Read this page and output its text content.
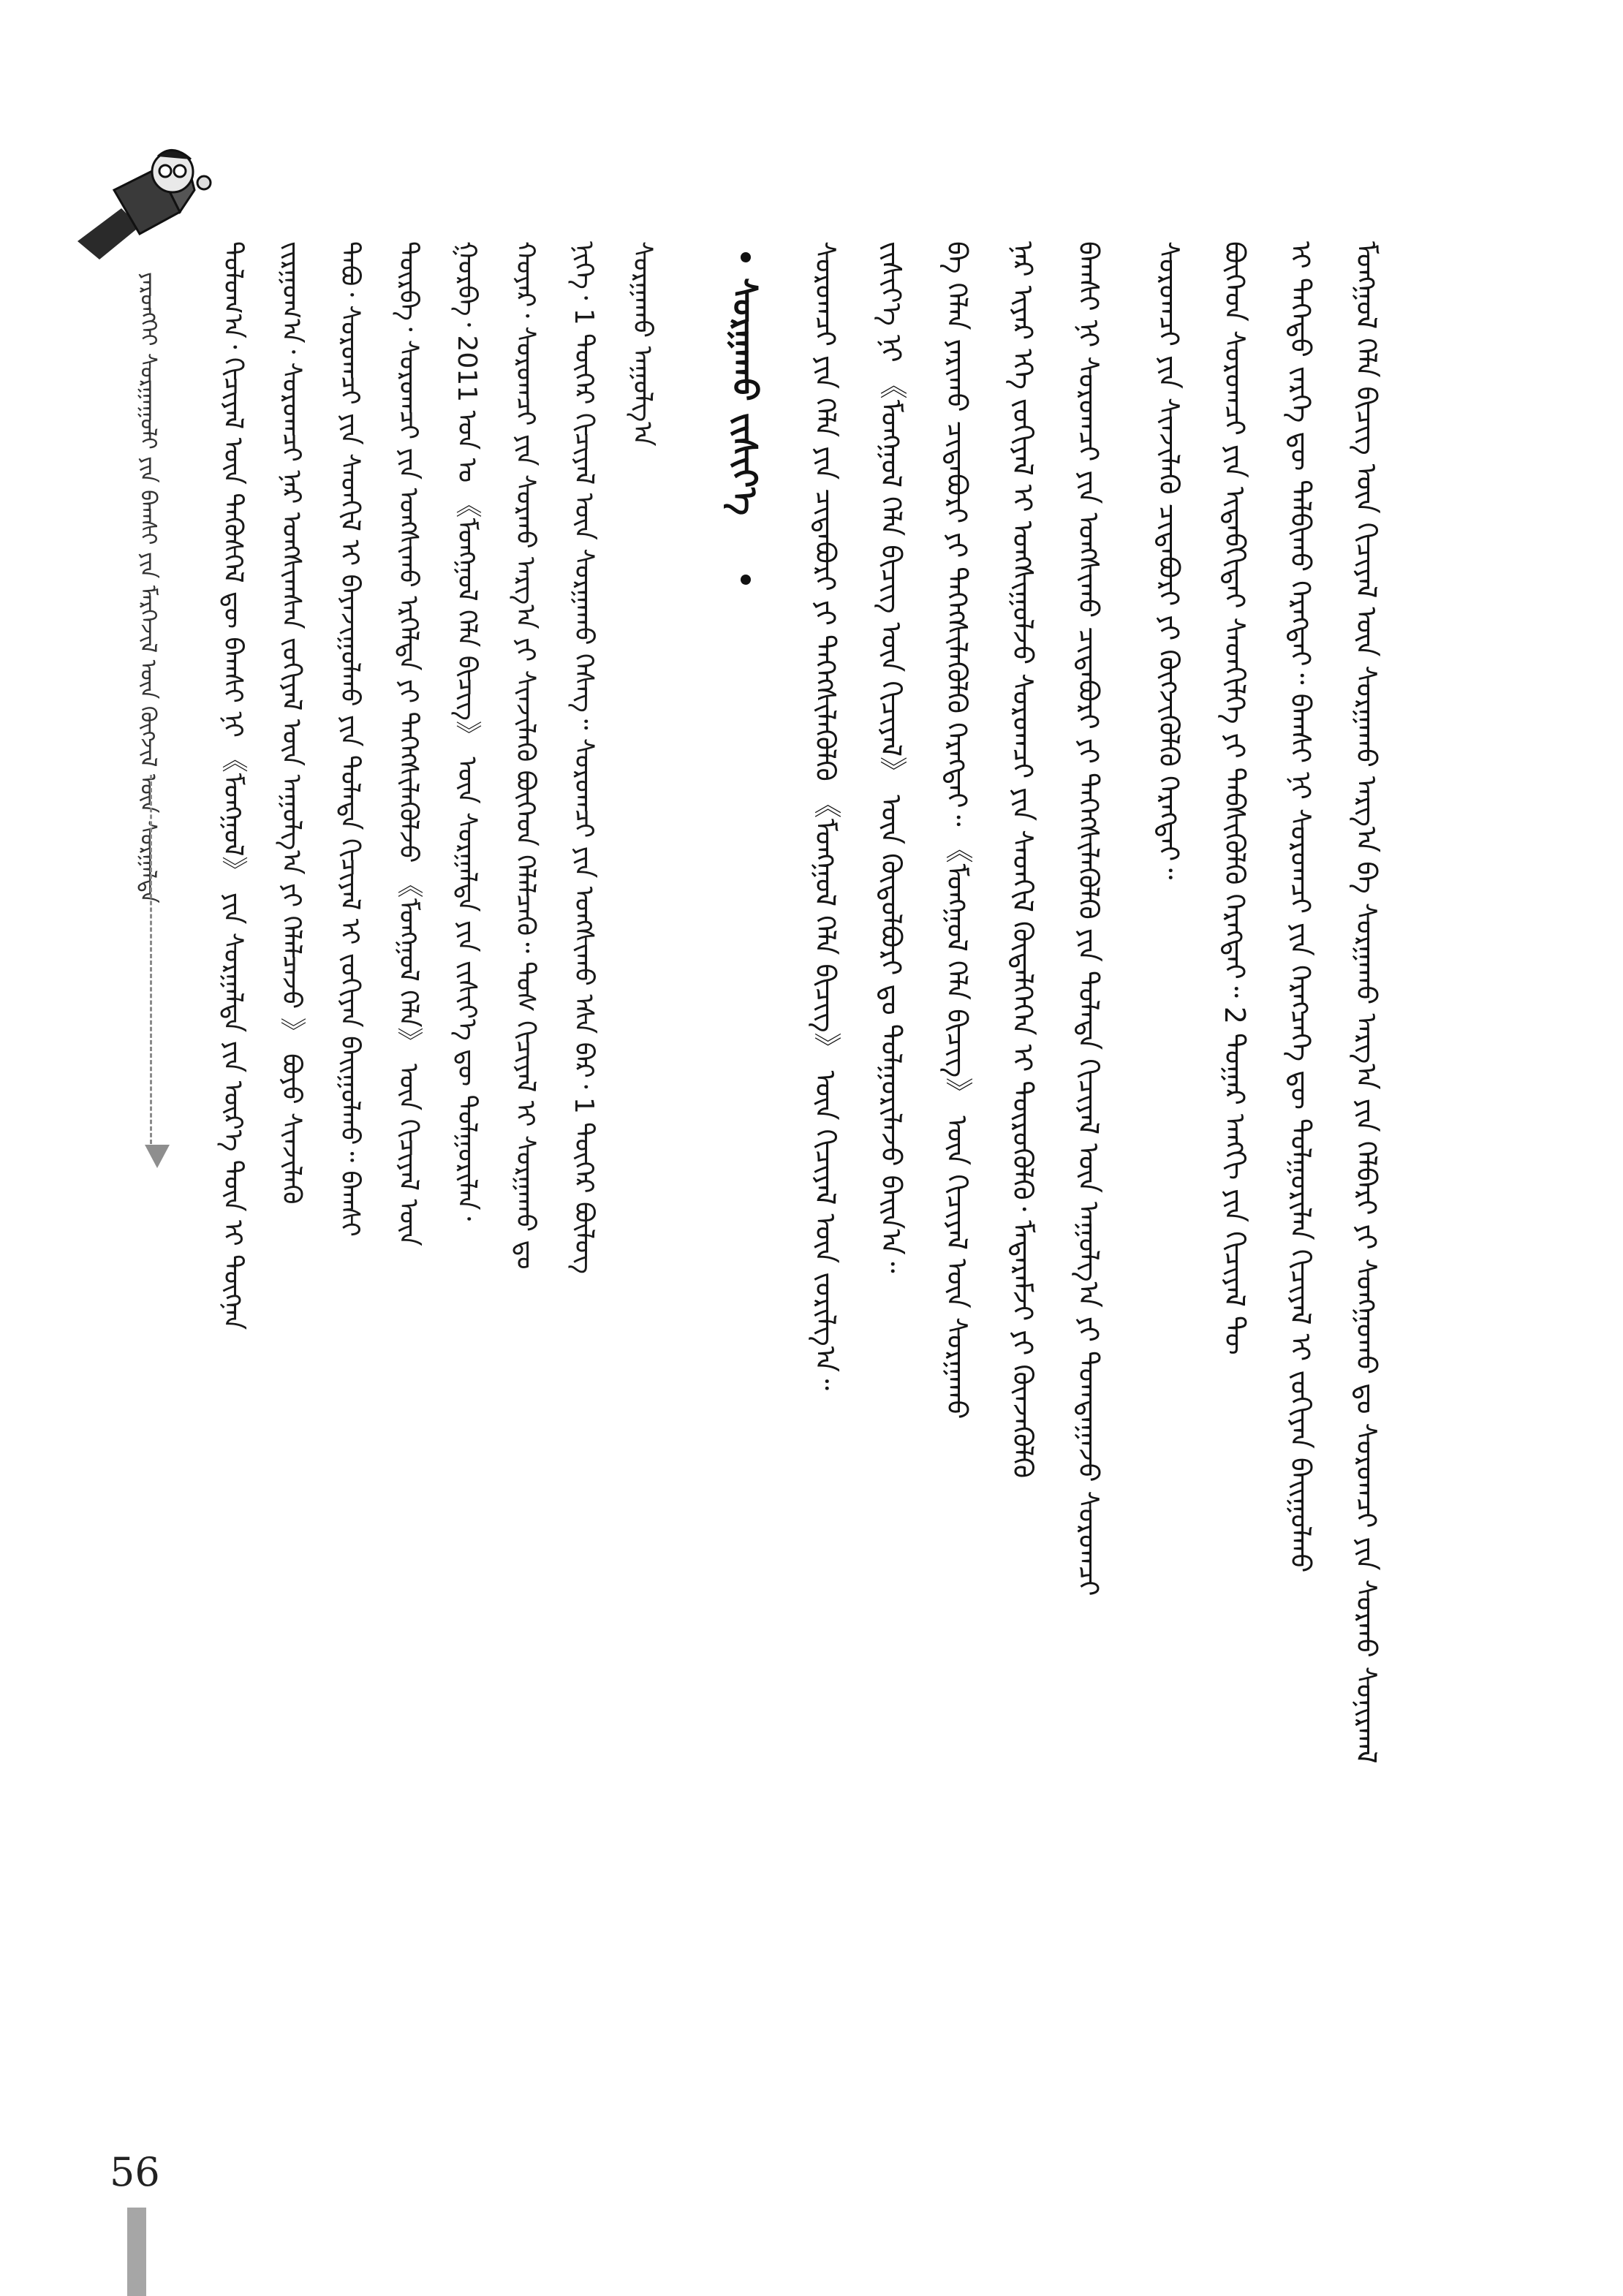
ᠶᠡᠷᠦᠩᠬᠡᠢ ᠰᠤᠷᠭᠠᠭᠤᠯᠢ ᠶᠢᠨ ᠪᠠᠭᠰᠢ ᠶᠢᠨ ᠮᠡᠷᠭᠡᠵᠢᠯ ᠦᠨ ᠬᠥᠭᠵᠢᠯ ᠦᠨ ᠰᠤᠷᠭᠠᠯᠲᠠ ᠳᠣᠯᠤᠭ᠎ᠠ᠂ ᠬᠢᠴᠢᠶᠡᠯ ᠦᠨ ᠲᠡᠭᠦᠰᠭᠡᠯ ᠳᠦ ᠪᠠᠭᠰᠢ ᠨᠢ 《ᠮᠣᠩᠭᠣᠯ》 ᠶᠢᠨ ᠰᠤᠷᠭᠠᠯᠲᠠ ᠶᠢᠨ ᠦᠷ᠎ᠡ ᠳᠦᠨ ᠢ ᠳᠦᠭᠨᠡᠨ ᠵᠢᠷᠭᠤᠭ᠎ᠠ᠂ ᠰᠤᠷᠤᠭᠴᠢ ᠨᠠᠷ ᠤᠩᠰᠢᠭᠰᠠᠨ ᠵᠣᠬᠢᠶᠠᠯ ᠦᠨ ᠠᠭᠤᠯᠭ᠎ᠠ ᠶᠢ ᠬᠡᠯᠡᠯᠴᠡᠵᠦ 》 ᠪᠤᠶᠤ ᠰᠢᠨᠵᠢᠯᠡᠬᠦ ᠲᠠᠪᠤ᠂ ᠰᠤᠷᠤᠭᠴᠢ ᠶᠢᠨ ᠰᠡᠳᠬᠢᠯ ᠢ ᠪᠠᠶᠠᠵᠢᠭᠤᠯᠬᠤ ᠶᠢᠨ ᠲᠤᠯᠠᠳᠠ ᠬᠢᠴᠢᠶᠡᠯ ᠢ ᠵᠣᠬᠢᠶᠠᠨ ᠪᠠᠢᠭᠤᠯᠬᠤ᠃ ᠪᠠᠭᠰᠢ ᠳᠥᠷᠪᠡ᠂ ᠰᠤᠷᠤᠭᠴᠢ ᠶᠢᠨ ᠤᠩᠰᠢᠬᠤ ᠡᠷᠭᠡᠯᠲᠡ ᠶᠢ ᠳᠡᠭᠡᠭᠰᠢᠯᠡᠭᠦᠯᠵᠦ 《ᠮᠣᠩᠭᠣᠯ ᠬᠡᠯᠡ》 ᠦᠨ ᠬᠢᠴᠢᠶᠡᠯ ᠦᠨ ᠭᠤᠷᠪᠠ᠂ 2011 ᠣᠨ ᠤ 《ᠮᠣᠩᠭᠣᠯ ᠬᠡᠯᠡ ᠪᠢᠴᠢᠭ᠌》 ᠦᠨ ᠰᠤᠷᠭᠠᠯᠲᠠ ᠶᠢᠨ ᠵᠢᠱᠢᠶ᠎ᠡ ᠳᠦ ᠲᠤᠯᠭᠤᠷᠢᠯᠠᠨ᠂ ᠬᠣᠶᠠᠷ᠂ ᠰᠤᠷᠤᠭᠴᠢ ᠶᠢᠨ ᠰᠤᠷᠬᠤ ᠠᠷᠭ᠎ᠠ ᠶᠢ ᠰᠢᠨᠵᠢᠯᠡᠬᠦ ᠪᠥᠭᠡᠳ ᠬᠡᠯᠡᠯᠴᠡᠬᠦ᠃ ᠲᠤᠰ ᠬᠢᠴᠢᠶᠡᠯ ᠢ ᠰᠤᠷᠭᠠᠬᠤ ᠳᠤ ᠨᠢᠭᠡ᠂ 1 ᠳᠦᠭᠡᠷ ᠬᠢᠴᠢᠶᠡᠯ ᠦᠨ ᠰᠤᠷᠭᠠᠬᠤ ᠬᠡᠰᠡᠭ᠃ ᠰᠤᠷᠤᠭᠴᠢ ᠶᠢᠨ ᠤᠩᠰᠢᠬᠤ ᠡᠰᠡ ᠪᠡᠷ᠂ 1 ᠳᠦᠭᠡᠷ ᠪᠦᠯᠦᠭ ᠰᠤᠷᠭᠠᠬᠤ ᠠᠭᠤᠯᠭ᠎ᠠ ᠰᠤᠷᠭᠠᠬᠤ ᠵᠢᠱᠢᠶ᠎ᠡ ᠰᠤᠷᠤᠭᠴᠢ ᠶᠢᠨ ᠬᠡᠯᠡ ᠶᠢᠨ ᠴᠢᠳᠠᠪᠤᠷᠢ ᠶᠢ ᠳᠡᠭᠡᠭᠰᠢᠯᠡᠭᠦᠯᠬᠦ 《ᠮᠣᠩᠭᠣᠯ ᠬᠡᠯᠡ ᠪᠢᠴᠢᠭ᠌》 ᠦᠨ ᠬᠢᠴᠢᠶᠡᠯ ᠦᠨ ᠵᠣᠷᠢᠯᠭ᠎ᠠ᠃ ᠵᠢᠱᠢᠶ᠎ᠡ ᠨᠢ 《ᠮᠣᠩᠭᠣᠯ ᠬᠡᠯᠡ ᠪᠢᠴᠢᠭ᠌ ᠦᠨ ᠬᠢᠴᠢᠶᠡᠯ》 ᠦᠨ ᠬᠥᠲᠥᠯᠪᠦᠷᠢ ᠳᠤ ᠲᠤᠯᠭᠤᠷᠢᠯᠠᠵᠤ ᠪᠠᠢᠨ᠎ᠠ᠃ ᠪᠠ ᠬᠡᠯᠡᠨ ᠶᠠᠷᠢᠬᠤ ᠴᠢᠳᠠᠪᠤᠷᠢ ᠶᠢ ᠳᠡᠭᠡᠭᠰᠢᠯᠡᠭᠦᠯᠬᠦ ᠬᠡᠷᠡᠭᠲᠡᠢ᠃ 《ᠮᠣᠩᠭᠣᠯ ᠬᠡᠯᠡ ᠪᠢᠴᠢᠭ᠌》 ᠦᠨ ᠬᠢᠴᠢᠶᠡᠯ ᠦᠨ ᠰᠤᠷᠭᠠᠬᠤ ᠨᠠᠷ ᠢᠶᠠᠷ ᠡᠬᠡ ᠵᠣᠬᠢᠶᠠᠯ ᠢ ᠤᠩᠰᠢᠭᠤᠯᠵᠤ ᠰᠤᠷᠤᠭᠴᠢ ᠶᠢᠨ ᠰᠡᠳᠬᠢᠯ ᠬᠥᠳᠡᠯᠭᠡᠭᠡᠨ ᠢ ᠲᠥᠷᠦᠭᠦᠯᠬᠦ᠂ ᠮᠡᠳᠡᠷᠡᠮᠵᠢ ᠶᠢ ᠭᠦᠨᠵᠡᠭᠦᠯᠬᠦ ᠪᠠᠭᠰᠢ ᠨᠢ ᠰᠤᠷᠤᠭᠴᠢ ᠶᠢᠨ ᠤᠩᠰᠢᠬᠤ ᠴᠢᠳᠠᠪᠤᠷᠢ ᠶᠢ ᠳᠡᠭᠡᠭᠰᠢᠯᠡᠭᠦᠯᠬᠦ ᠶᠢᠨ ᠲᠤᠯᠠᠳᠠ ᠬᠢᠴᠢᠶᠡᠯ ᠦᠨ ᠠᠭᠤᠯᠭ᠎ᠠ ᠶᠢ ᠲᠣᠭᠲᠠᠭᠠᠵᠤ ᠰᠤᠷᠤᠭᠴᠢ ᠰᠤᠷᠤᠭᠴᠢ ᠶᠢᠨ ᠰᠢᠨᠵᠢᠯᠡᠬᠦ ᠴᠢᠳᠠᠪᠤᠷᠢ ᠶᠢ ᠬᠥᠭᠵᠢᠭᠦᠯᠬᠦ ᠬᠡᠷᠡᠭᠲᠡᠢ᠃ ᠪᠥᠭᠡᠳ ᠰᠤᠷᠤᠭᠴᠢ ᠶᠢᠨ ᠢᠳᠡᠪᠬᠢᠲᠡᠢ ᠰᠡᠳᠬᠢᠯᠭᠡ ᠶᠢ ᠳᠡᠪᠰᠢᠭᠦᠯᠬᠦ ᠬᠡᠷᠡᠭᠲᠡᠢ᠃ 2 ᠳᠤᠭᠠᠷ ᠠᠩᠭᠢ ᠶᠢᠨ ᠬᠢᠴᠢᠶᠡᠯ ᠲᠦ ᠢ ᠳᠡᠭᠡᠳᠦ ᠵᠡᠷᠭᠡ ᠳᠦ ᠲᠠᠯᠪᠢᠬᠤ ᠬᠡᠷᠡᠭᠲᠡᠢ᠃ ᠪᠠᠭᠰᠢ ᠨᠢ ᠰᠤᠷᠤᠭᠴᠢ ᠶᠢᠨ ᠬᠡᠷᠡᠭᠴᠡᠭᠡ ᠳᠦ ᠲᠤᠯᠭᠤᠷᠢᠯᠠᠨ ᠬᠢᠴᠢᠶᠡᠯ ᠢ ᠵᠣᠬᠢᠶᠠᠨ ᠪᠠᠢᠭᠤᠯᠬᠤ ᠮᠣᠩᠭᠣᠯ ᠬᠡᠯᠡ ᠪᠢᠴᠢᠭ᠌ ᠦᠨ ᠬᠢᠴᠢᠶᠡᠯ ᠦᠨ ᠰᠤᠷᠭᠠᠬᠤ ᠠᠷᠭ᠎ᠠ ᠪᠠ ᠰᠤᠷᠭᠠᠬᠤ ᠠᠷᠭ᠎ᠠ ᠶᠢᠨ ᠬᠡᠯᠪᠡᠷᠢ ᠶᠢ ᠰᠣᠩᠭᠣᠬᠤ ᠳᠤ ᠰᠤᠷᠤᠭᠴᠢ ᠶᠢᠨ ᠰᠤᠷᠬᠤ ᠰᠣᠨᠢᠷᠬᠠᠯ
56
